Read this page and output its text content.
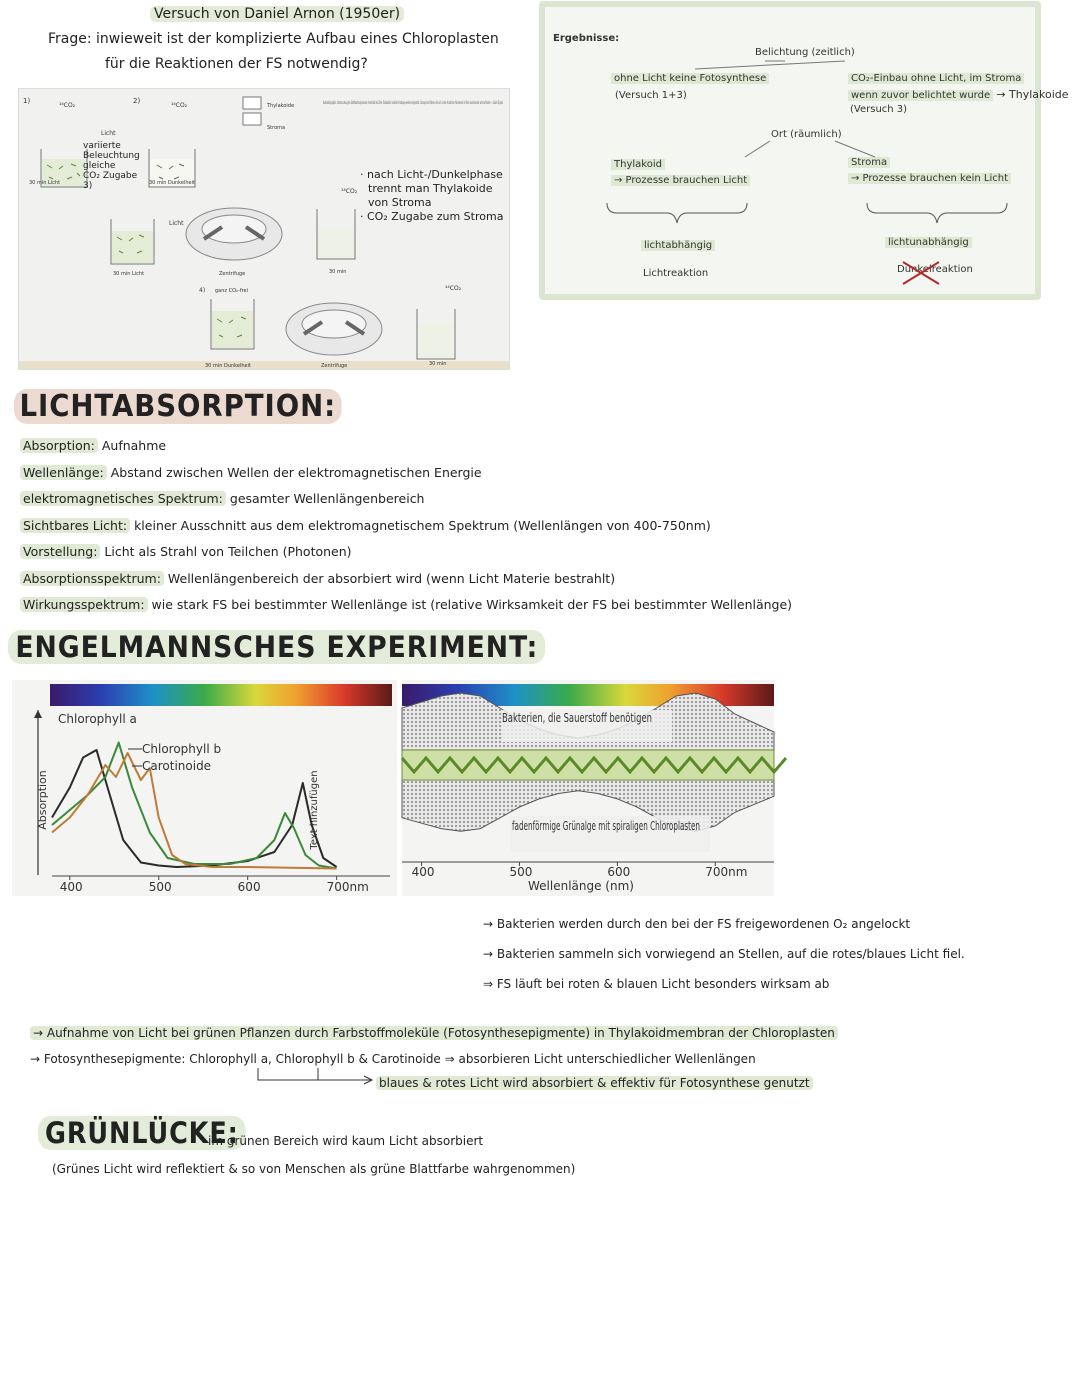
Versuch von Daniel Arnon (1950er)
Frage: inwieweit ist der komplizierte Aufbau eines Chloroplasten
für die Reaktionen der FS notwendig?
1)	2)
4)
¹⁴CO₂	¹⁴CO₂
¹⁴CO₂
¹⁴CO₂
Licht
Licht
Thylakoide
Stroma
30 min Licht	30 min Dunkelheit
30 min Licht	Zentrifuge	30 min
ganz CO₂-frei
30 min Dunkelheit	Zentrifuge	30 min
Autoradiographie: Untersuchung der Stoffwechselprozesse innerhalb der Zelle. Radioaktiv markierte Isotope werden eingesetzt. Isotope sind Atome, die sich in der Anzahl der Neutronen im Kern voneinander unterscheiden → Calvin-Zyklus
variierte
Beleuchtung
gleiche
CO₂ Zugabe
3)
· nach Licht-/Dunkelphase
trennt man Thylakoide
von Stroma
· CO₂ Zugabe zum Stroma
Ergebnisse:
Belichtung (zeitlich)
Ort (räumlich)
ohne Licht keine Fotosynthese
(Versuch 1+3)
CO₂-Einbau ohne Licht, im Stroma
wenn zuvor belichtet wurde → Thylakoide
(Versuch 3)
Thylakoid
→ Prozesse brauchen Licht
Stroma
→ Prozesse brauchen kein Licht
lichtabhängig	lichtunabhängig
Lichtreaktion	Dunkelreaktion
LICHTABSORPTION:
Absorption: Aufnahme
Wellenlänge: Abstand zwischen Wellen der elektromagnetischen Energie
elektromagnetisches Spektrum: gesamter Wellenlängenbereich
Sichtbares Licht: kleiner Ausschnitt aus dem elektromagnetischem Spektrum (Wellenlängen von 400-750nm)
Vorstellung: Licht als Strahl von Teilchen (Photonen)
Absorptionsspektrum: Wellenlängenbereich der absorbiert wird (wenn Licht Materie bestrahlt)
Wirkungsspektrum: wie stark FS bei bestimmter Wellenlänge ist (relative Wirksamkeit der FS bei bestimmter Wellenlänge)
ENGELMANNSCHES EXPERIMENT:
Absorption
400	500	600	700nm
Chlorophyll a
Chlorophyll b
Carotinoide
Text hinzufügen
Bakterien, die Sauerstoff benötigen
fadenförmige Grünalge mit spiraligen Chloroplasten
400	500	600	700nm
Wellenlänge (nm)
→ Bakterien werden durch den bei der FS freigewordenen O₂ angelockt
→ Bakterien sammeln sich vorwiegend an Stellen, auf die rotes/blaues Licht fiel.
⇒ FS läuft bei roten & blauen Licht besonders wirksam ab
→ Aufnahme von Licht bei grünen Pflanzen durch Farbstoffmoleküle (Fotosynthesepigmente) in Thylakoidmembran der Chloroplasten
→ Fotosynthesepigmente: Chlorophyll a, Chlorophyll b & Carotinoide ⇒ absorbieren Licht unterschiedlicher Wellenlängen
blaues & rotes Licht wird absorbiert & effektiv für Fotosynthese genutzt
GRÜNLÜCKE:
im grünen Bereich wird kaum Licht absorbiert
(Grünes Licht wird reflektiert & so von Menschen als grüne Blattfarbe wahrgenommen)
